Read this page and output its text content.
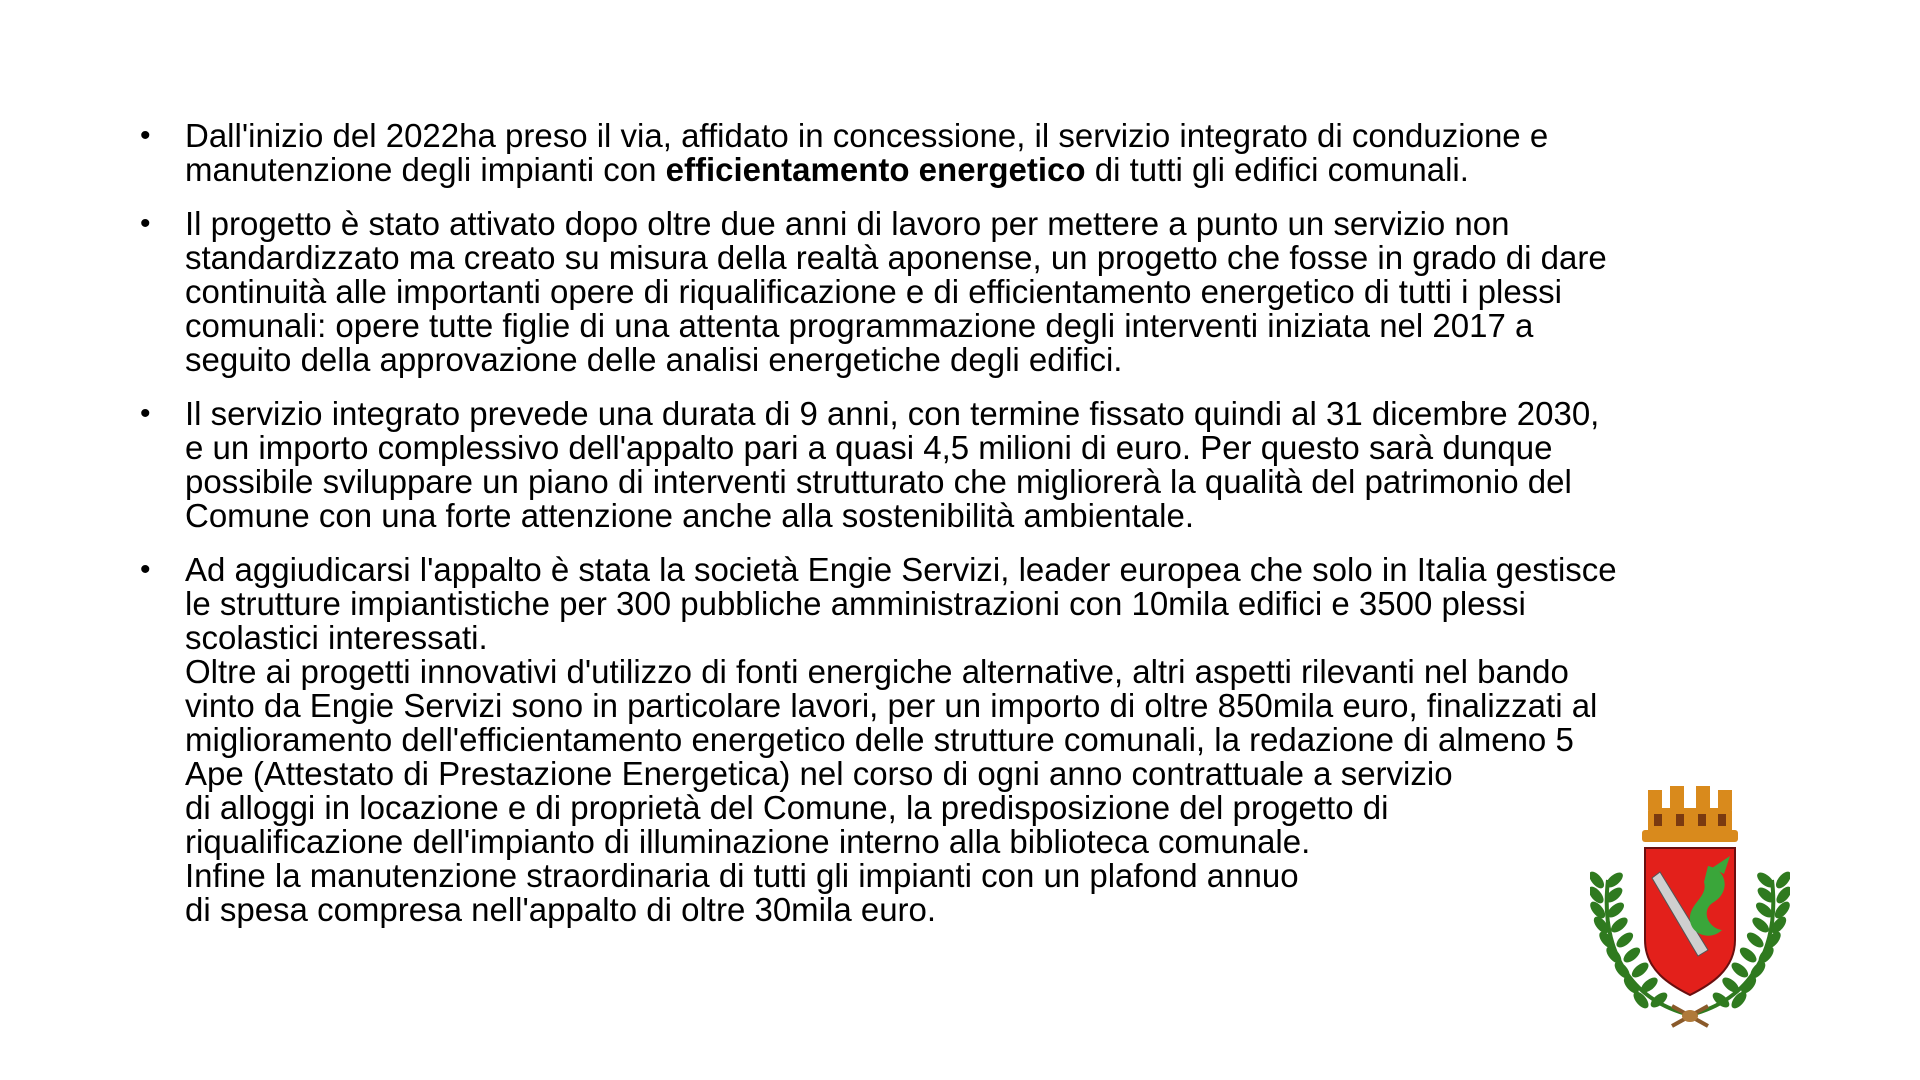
• Dall'inizio del 2022ha preso il via, affidato in concessione, il servizio integrato di conduzione e
manutenzione degli impianti con efficientamento energetico di tutti gli edifici comunali.
• Il progetto è stato attivato dopo oltre due anni di lavoro per mettere a punto un servizio non
standardizzato ma creato su misura della realtà aponense, un progetto che fosse in grado di dare
continuità alle importanti opere di riqualificazione e di efficientamento energetico di tutti i plessi
comunali: opere tutte figlie di una attenta programmazione degli interventi iniziata nel 2017 a
seguito della approvazione delle analisi energetiche degli edifici.
• Il servizio integrato prevede una durata di 9 anni, con termine fissato quindi al 31 dicembre 2030,
e un importo complessivo dell'appalto pari a quasi 4,5 milioni di euro. Per questo sarà dunque
possibile sviluppare un piano di interventi strutturato che migliorerà la qualità del patrimonio del
Comune con una forte attenzione anche alla sostenibilità ambientale.
• Ad aggiudicarsi l'appalto è stata la società Engie Servizi, leader europea che solo in Italia gestisce
le strutture impiantistiche per 300 pubbliche amministrazioni con 10mila edifici e 3500 plessi
scolastici interessati.
Oltre ai progetti innovativi d'utilizzo di fonti energiche alternative, altri aspetti rilevanti nel bando
vinto da Engie Servizi sono in particolare lavori, per un importo di oltre 850mila euro, finalizzati al
miglioramento dell'efficientamento energetico delle strutture comunali, la redazione di almeno 5
Ape (Attestato di Prestazione Energetica) nel corso di ogni anno contrattuale a servizio
di alloggi in locazione e di proprietà del Comune, la predisposizione del progetto di
riqualificazione dell'impianto di illuminazione interno alla biblioteca comunale.
Infine la manutenzione straordinaria di tutti gli impianti con un plafond annuo
di spesa compresa nell'appalto di oltre 30mila euro.
